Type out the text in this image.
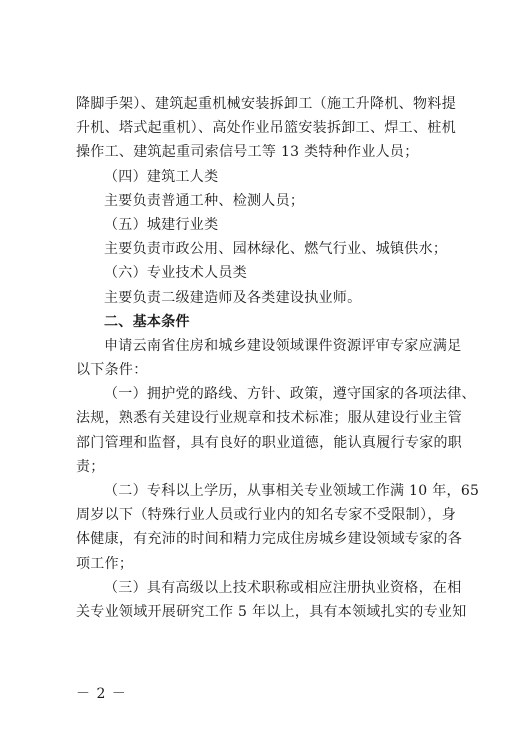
降脚手架）、建筑起重机械安装拆卸工（施工升降机、物料提
升机、塔式起重机）、高处作业吊篮安装拆卸工、焊工、桩机
操作工、建筑起重司索信号工等 13 类特种作业人员；
（四）建筑工人类
主要负责普通工种、检测人员；
（五）城建行业类
主要负责市政公用、园林绿化、燃气行业、城镇供水；
（六）专业技术人员类
主要负责二级建造师及各类建设执业师。
二、基本条件
申请云南省住房和城乡建设领域课件资源评审专家应满足
以下条件：
（一）拥护党的路线、方针、政策，遵守国家的各项法律、
法规，熟悉有关建设行业规章和技术标准；服从建设行业主管
部门管理和监督，具有良好的职业道德，能认真履行专家的职
责；
（二）专科以上学历，从事相关专业领域工作满 10 年，65
周岁以下（特殊行业人员或行业内的知名专家不受限制），身
体健康，有充沛的时间和精力完成住房城乡建设领域专家的各
项工作；
（三）具有高级以上技术职称或相应注册执业资格，在相
关专业领域开展研究工作 5 年以上，具有本领域扎实的专业知
－ 2 －
